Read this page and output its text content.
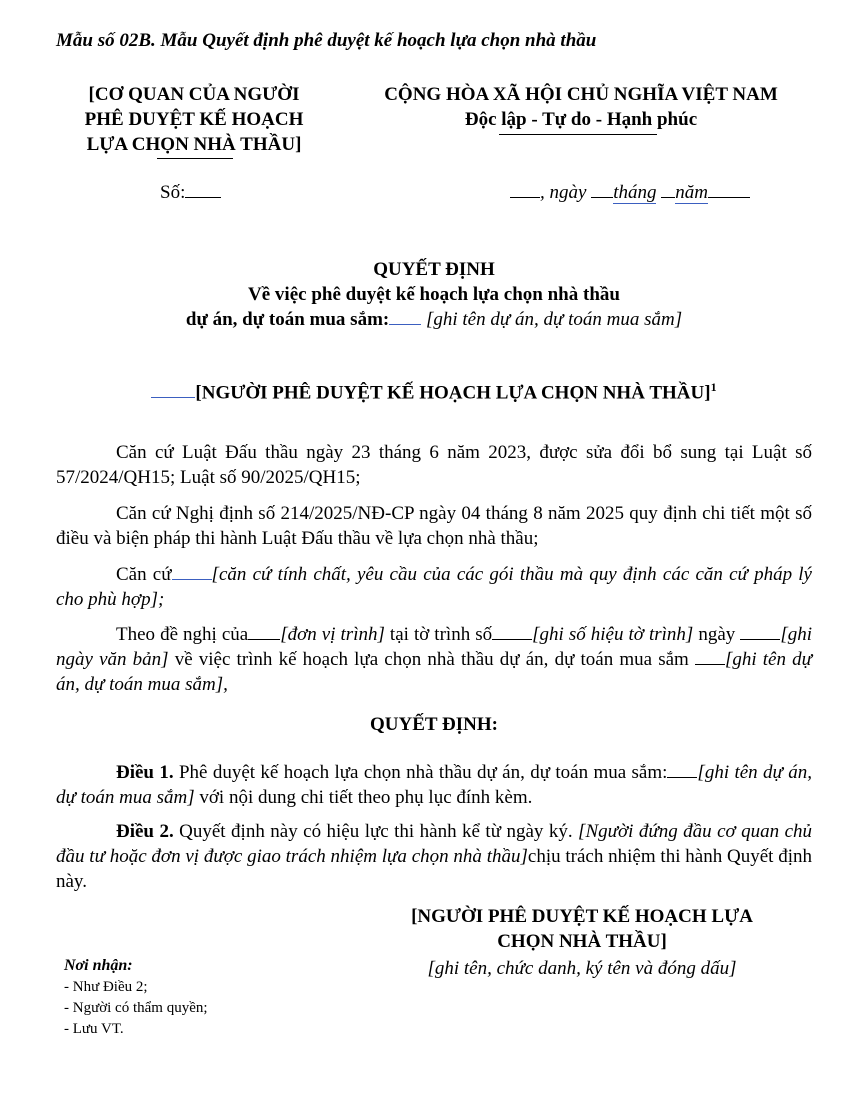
Mẫu số 02B. Mẫu Quyết định phê duyệt kế hoạch lựa chọn nhà thầu
[CƠ QUAN CỦA NGƯỜI
PHÊ DUYỆT KẾ HOẠCH
LỰA CHỌN NHÀ THẦU]
CỘNG HÒA XÃ HỘI CHỦ NGHĨA VIỆT NAM
Độc lập - Tự do - Hạnh phúc
Số:	, ngày tháng năm
QUYẾT ĐỊNH
Về việc phê duyệt kế hoạch lựa chọn nhà thầu
dự án, dự toán mua sắm: [ghi tên dự án, dự toán mua sắm]
[NGƯỜI PHÊ DUYỆT KẾ HOẠCH LỰA CHỌN NHÀ THẦU]$^1$
Căn cứ Luật Đấu thầu ngày 23 tháng 6 năm 2023, được sửa đổi bổ sung tại Luật số 57/2024/QH15; Luật số 90/2025/QH15;
Căn cứ Nghị định số 214/2025/NĐ-CP ngày 04 tháng 8 năm 2025 quy định chi tiết một số điều và biện pháp thi hành Luật Đấu thầu về lựa chọn nhà thầu;
Căn cứ [căn cứ tính chất, yêu cầu của các gói thầu mà quy định các căn cứ pháp lý cho phù hợp];
Theo đề nghị của [đơn vị trình] tại tờ trình số [ghi số hiệu tờ trình] ngày [ghi ngày văn bản] về việc trình kế hoạch lựa chọn nhà thầu dự án, dự toán mua sắm [ghi tên dự án, dự toán mua sắm],
QUYẾT ĐỊNH:
Điều 1. Phê duyệt kế hoạch lựa chọn nhà thầu dự án, dự toán mua sắm: [ghi tên dự án, dự toán mua sắm] với nội dung chi tiết theo phụ lục đính kèm.
Điều 2. Quyết định này có hiệu lực thi hành kể từ ngày ký. [Người đứng đầu cơ quan chủ đầu tư hoặc đơn vị được giao trách nhiệm lựa chọn nhà thầu]chịu trách nhiệm thi hành Quyết định này.
[NGƯỜI PHÊ DUYỆT KẾ HOẠCH LỰA
CHỌN NHÀ THẦU]
[ghi tên, chức danh, ký tên và đóng dấu]
Nơi nhận:
- Như Điều 2;
- Người có thẩm quyền;
- Lưu VT.
